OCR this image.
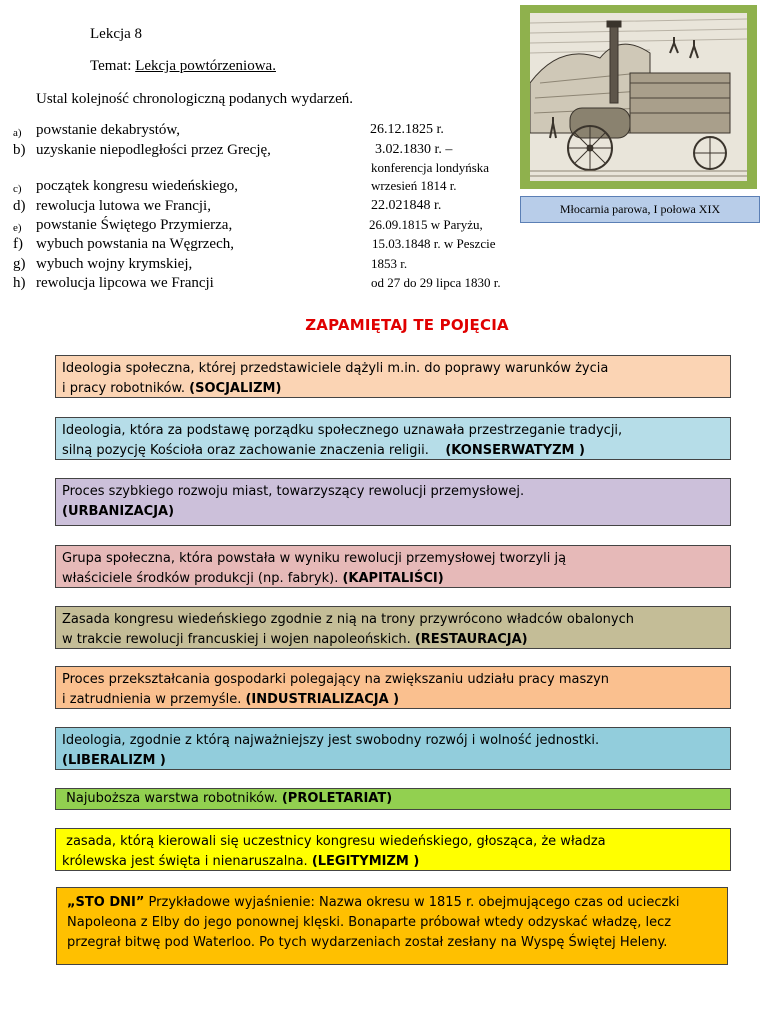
Lekcja 8
Temat: Lekcja powtórzeniowa.
Ustal kolejność chronologiczną podanych wydarzeń.
a) powstanie dekabrystów,	26.12.1825 r.
b) uzyskanie niepodległości przez Grecję,	3.02.1830 r. –
konferencja londyńska
c) początek kongresu wiedeńskiego,	wrzesień 1814 r.
d) rewolucja lutowa we Francji,	22.021848 r.
e) powstanie Świętego Przymierza,	26.09.1815 w Paryżu,
f) wybuch powstania na Węgrzech,	15.03.1848 r. w Peszcie
g) wybuch wojny krymskiej,	1853 r.
h) rewolucja lipcowa we Francji	od 27 do 29 lipca 1830 r.
Młocarnia parowa, I połowa XIX
ZAPAMIĘTAJ TE POJĘCIA
Ideologia społeczna, której przedstawiciele dążyli m.in. do poprawy warunków życia
i pracy robotników. (SOCJALIZM)
Ideologia, która za podstawę porządku społecznego uznawała przestrzeganie tradycji,
silną pozycję Kościoła oraz zachowanie znaczenia religii.    (KONSERWATYZM )
Proces szybkiego rozwoju miast, towarzyszący rewolucji przemysłowej.
(URBANIZACJA)
Grupa społeczna, która powstała w wyniku rewolucji przemysłowej tworzyli ją
właściciele środków produkcji (np. fabryk). (KAPITALIŚCI)
Zasada kongresu wiedeńskiego zgodnie z nią na trony przywrócono władców obalonych
w trakcie rewolucji francuskiej i wojen napoleońskich. (RESTAURACJA)
Proces przekształcania gospodarki polegający na zwiększaniu udziału pracy maszyn
i zatrudnienia w przemyśle. (INDUSTRIALIZACJA )
Ideologia, zgodnie z którą najważniejszy jest swobodny rozwój i wolność jednostki.
(LIBERALIZM )
Najuboższa warstwa robotników. (PROLETARIAT)
zasada, którą kierowali się uczestnicy kongresu wiedeńskiego, głosząca, że władza
królewska jest święta i nienaruszalna. (LEGITYMIZM )
„STO DNI” Przykładowe wyjaśnienie: Nazwa okresu w 1815 r. obejmującego czas od ucieczki
Napoleona z Elby do jego ponownej klęski. Bonaparte próbował wtedy odzyskać władzę, lecz
przegrał bitwę pod Waterloo. Po tych wydarzeniach został zesłany na Wyspę Świętej Heleny.
